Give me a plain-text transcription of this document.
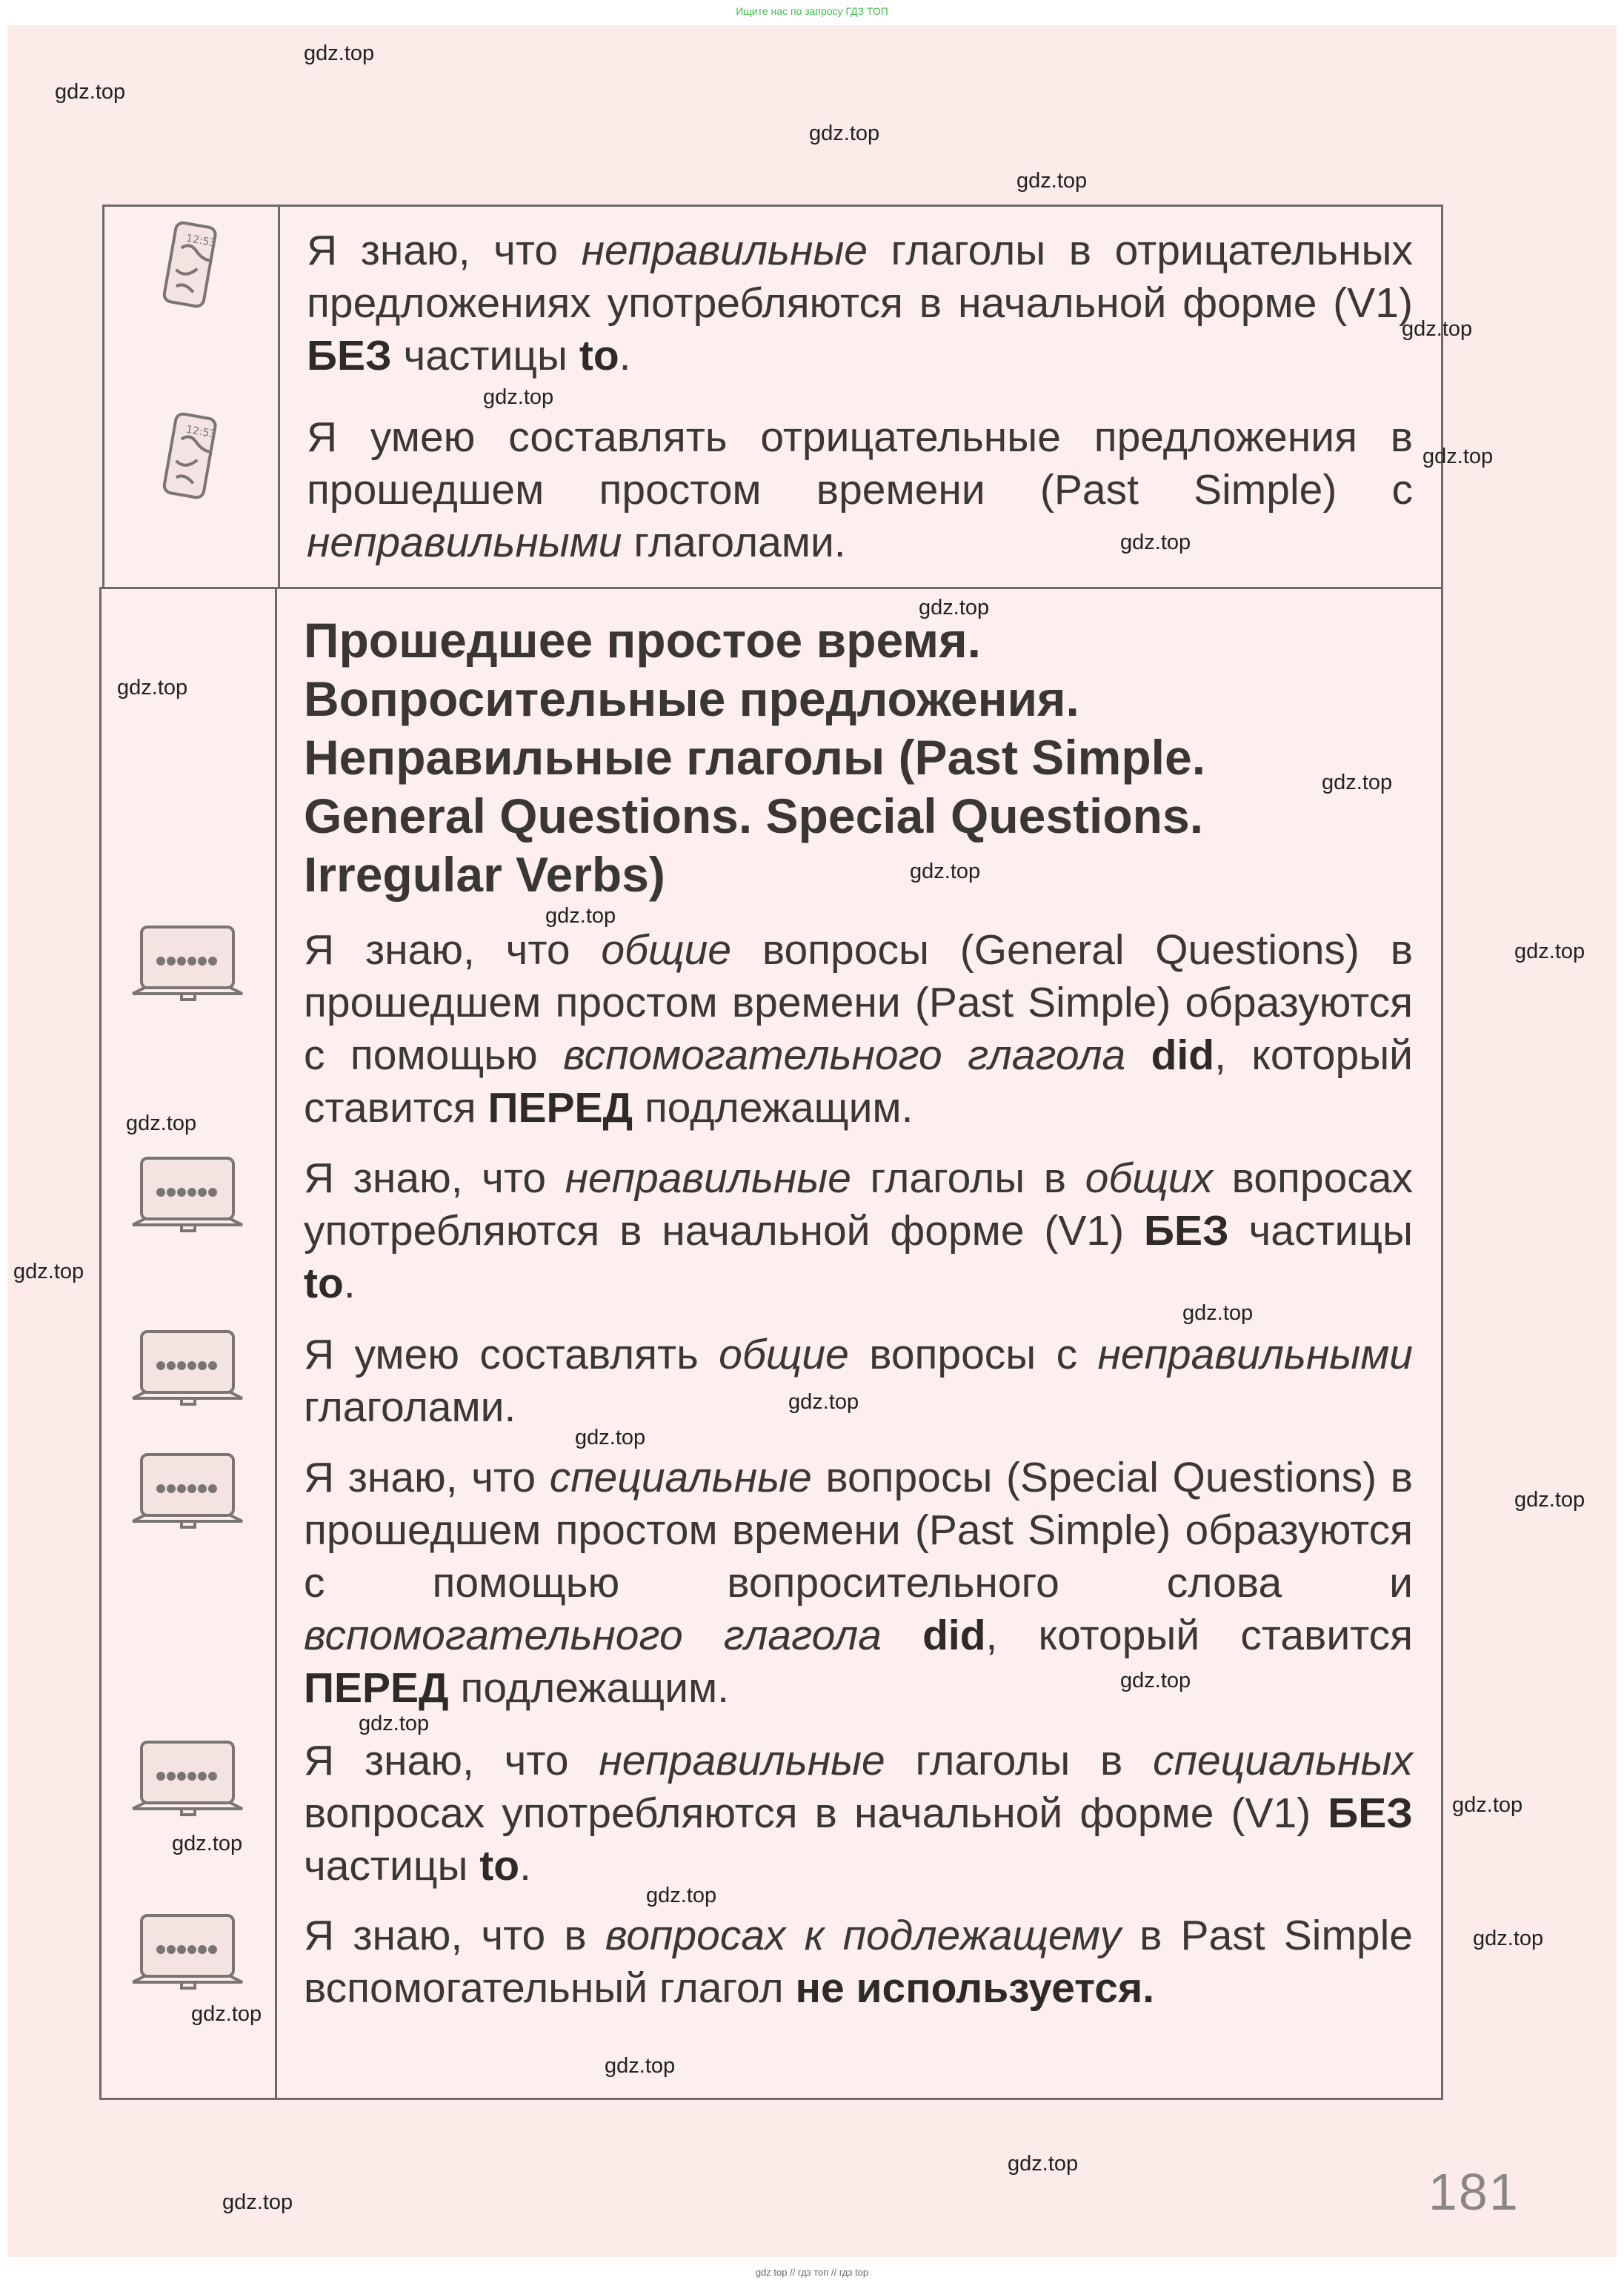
Ищите нас по запросу ГДЗ ТОП
12:53
12:53
Я знаю, что неправильные глаголы в отрицательных предложениях употребляются в начальной форме (V1) БЕЗ частицы to.
Я умею составлять отрицательные предложения в прошедшем простом времени (Past Simple) с неправильными глаголами.
Прошедшее простое время.
Вопросительные предложения.
Неправильные глаголы (Past Simple.
General Questions. Special Questions.
Irregular Verbs)
Я знаю, что общие вопросы (General Questions) в прошедшем простом времени (Past Simple) образуются с помощью вспомогательного глагола did, который ставится ПЕРЕД подлежащим.
Я знаю, что неправильные глаголы в общих вопросах употребляются в начальной форме (V1) БЕЗ частицы to.
Я умею составлять общие вопросы с неправильными глаголами.
Я знаю, что специальные вопросы (Special Questions) в прошедшем простом времени (Past Simple) образуются с помощью вопросительного слова и вспомогательного глагола did, который ставится ПЕРЕД подлежащим.
Я знаю, что неправильные глаголы в специальных вопросах употребляются в начальной форме (V1) БЕЗ частицы to.
Я знаю, что в вопросах к подлежащему в Past Simple вспомогательный глагол не используется.
181
gdz.top
gdz.top
gdz.top
gdz.top
gdz.top
gdz.top
gdz.top
gdz.top
gdz.top
gdz.top
gdz.top
gdz.top
gdz.top
gdz.top
gdz.top
gdz.top
gdz.top
gdz.top
gdz.top
gdz.top
gdz.top
gdz.top
gdz.top
gdz.top
gdz.top
gdz.top
gdz.top
gdz.top
gdz.top
gdz.top
gdz top // гдз топ // гдз top
